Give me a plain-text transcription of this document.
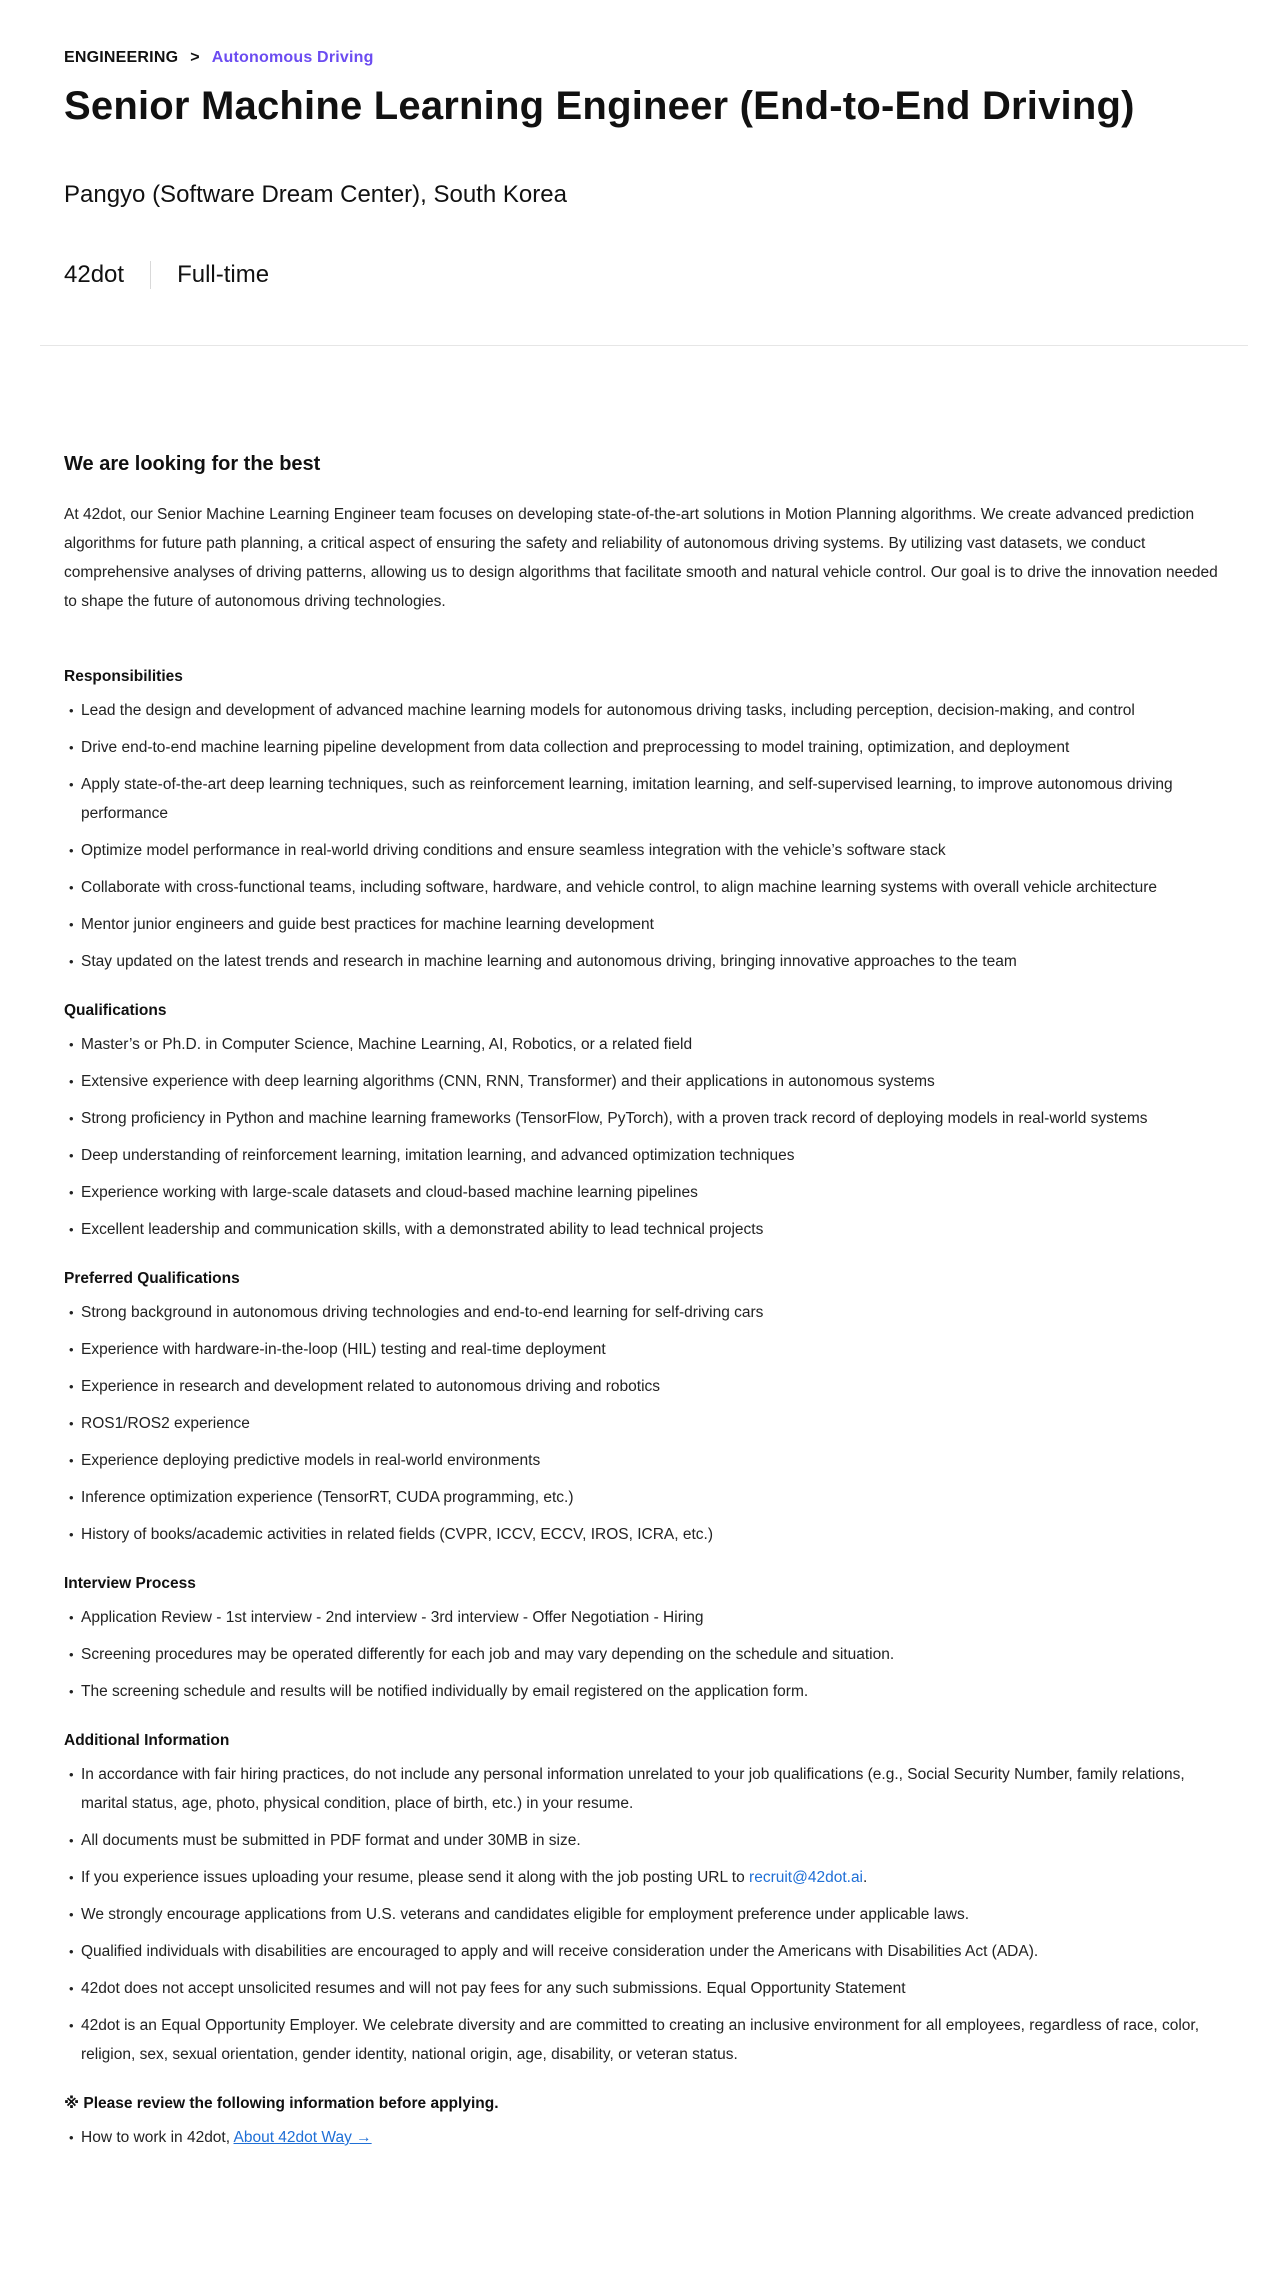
ENGINEERING > Autonomous Driving
Senior Machine Learning Engineer (End-to-End Driving)
Pangyo (Software Dream Center), South Korea
42dot Full-time
We are looking for the best

At 42dot, our Senior Machine Learning Engineer team focuses on developing state-of-the-art solutions in Motion Planning algorithms. We create advanced prediction algorithms for future path planning, a critical aspect of ensuring the safety and reliability of autonomous driving systems. By utilizing vast datasets, we conduct comprehensive analyses of driving patterns, allowing us to design algorithms that facilitate smooth and natural vehicle control. Our goal is to drive the innovation needed to shape the future of autonomous driving technologies.

Responsibilities
• Lead the design and development of advanced machine learning models for autonomous driving tasks, including perception, decision-making, and control
• Drive end-to-end machine learning pipeline development from data collection and preprocessing to model training, optimization, and deployment
• Apply state-of-the-art deep learning techniques, such as reinforcement learning, imitation learning, and self-supervised learning, to improve autonomous driving performance
• Optimize model performance in real-world driving conditions and ensure seamless integration with the vehicle’s software stack
• Collaborate with cross-functional teams, including software, hardware, and vehicle control, to align machine learning systems with overall vehicle architecture
• Mentor junior engineers and guide best practices for machine learning development
• Stay updated on the latest trends and research in machine learning and autonomous driving, bringing innovative approaches to the team
Qualifications
• Master’s or Ph.D. in Computer Science, Machine Learning, AI, Robotics, or a related field
• Extensive experience with deep learning algorithms (CNN, RNN, Transformer) and their applications in autonomous systems
• Strong proficiency in Python and machine learning frameworks (TensorFlow, PyTorch), with a proven track record of deploying models in real-world systems
• Deep understanding of reinforcement learning, imitation learning, and advanced optimization techniques
• Experience working with large-scale datasets and cloud-based machine learning pipelines
• Excellent leadership and communication skills, with a demonstrated ability to lead technical projects
Preferred Qualifications
• Strong background in autonomous driving technologies and end-to-end learning for self-driving cars
• Experience with hardware-in-the-loop (HIL) testing and real-time deployment
• Experience in research and development related to autonomous driving and robotics
• ROS1/ROS2 experience
• Experience deploying predictive models in real-world environments
• Inference optimization experience (TensorRT, CUDA programming, etc.)
• History of books/academic activities in related fields (CVPR, ICCV, ECCV, IROS, ICRA, etc.)
Interview Process
• Application Review - 1st interview - 2nd interview - 3rd interview - Offer Negotiation - Hiring
• Screening procedures may be operated differently for each job and may vary depending on the schedule and situation.
• The screening schedule and results will be notified individually by email registered on the application form.
Additional Information
• In accordance with fair hiring practices, do not include any personal information unrelated to your job qualifications (e.g., Social Security Number, family relations, marital status, age, photo, physical condition, place of birth, etc.) in your resume.
• All documents must be submitted in PDF format and under 30MB in size.
• If you experience issues uploading your resume, please send it along with the job posting URL to recruit@42dot.ai.
• We strongly encourage applications from U.S. veterans and candidates eligible for employment preference under applicable laws.
• Qualified individuals with disabilities are encouraged to apply and will receive consideration under the Americans with Disabilities Act (ADA).
• 42dot does not accept unsolicited resumes and will not pay fees for any such submissions. Equal Opportunity Statement
• 42dot is an Equal Opportunity Employer. We celebrate diversity and are committed to creating an inclusive environment for all employees, regardless of race, color, religion, sex, sexual orientation, gender identity, national origin, age, disability, or veteran status.
※ Please review the following information before applying.
• How to work in 42dot, About 42dot Way →
